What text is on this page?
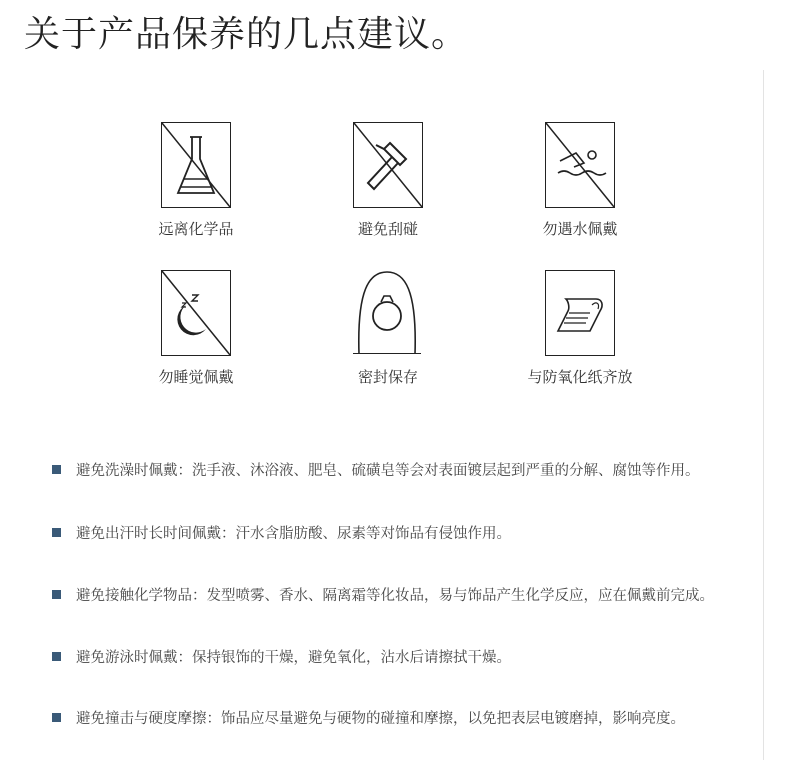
关于产品保养的几点建议。
远离化学品	避免刮碰	勿遇水佩戴
勿睡觉佩戴	密封保存	与防氧化纸齐放
避免洗澡时佩戴：洗手液、沐浴液、肥皂、硫磺皂等会对表面镀层起到严重的分解、腐蚀等作用。
避免出汗时长时间佩戴：汗水含脂肪酸、尿素等对饰品有侵蚀作用。
避免接触化学物品：发型喷雾、香水、隔离霜等化妆品，易与饰品产生化学反应，应在佩戴前完成。
避免游泳时佩戴：保持银饰的干燥，避免氧化，沾水后请擦拭干燥。
避免撞击与硬度摩擦：饰品应尽量避免与硬物的碰撞和摩擦，以免把表层电镀磨掉，影响亮度。
